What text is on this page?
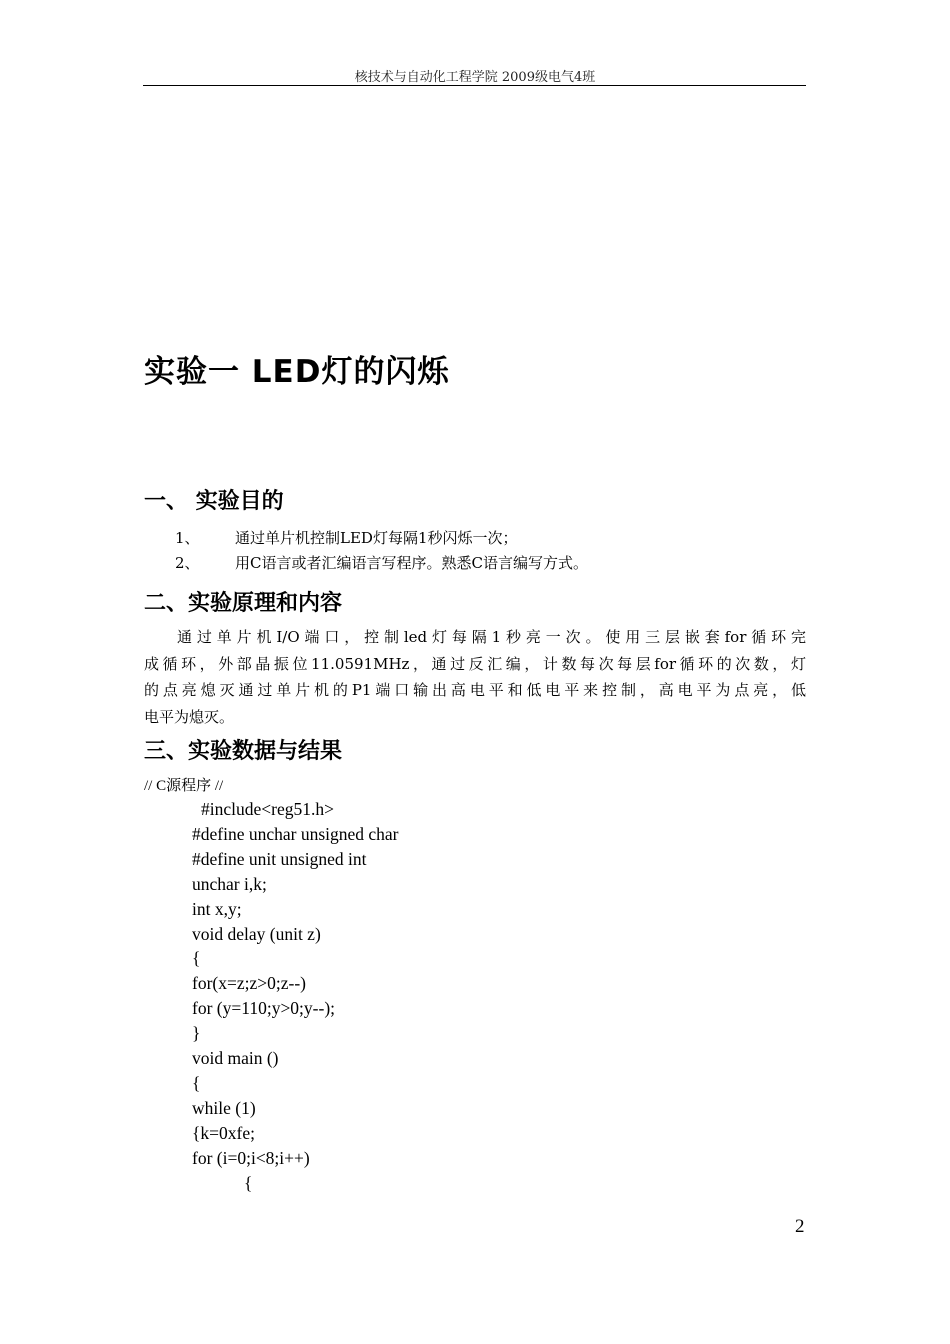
核技术与自动化工程学院 2009级电气4班
实验一 LED灯的闪烁
一、 实验目的
1、 通过单片机控制LED灯每隔1秒闪烁一次；
2、 用C语言或者汇编语言写程序。熟悉C语言编写方式。
二、实验原理和内容
通过单片机I/O端口，控制led灯每隔1秒亮一次。使用三层嵌套for循环完
成循环，外部晶振位11.0591MHz，通过反汇编，计数每次每层for循环的次数，灯
的点亮熄灭通过单片机的P1端口输出高电平和低电平来控制，高电平为点亮，低
电平为熄灭。
三、实验数据与结果
// C源程序 //
#include<reg51.h>
#define unchar unsigned char
#define unit unsigned int
unchar i,k;
int x,y;
void delay (unit z)
{
for(x=z;z>0;z--)
for (y=110;y>0;y--);
}
void main ()
{
while (1)
{k=0xfe;
for (i=0;i<8;i++)
{
2
